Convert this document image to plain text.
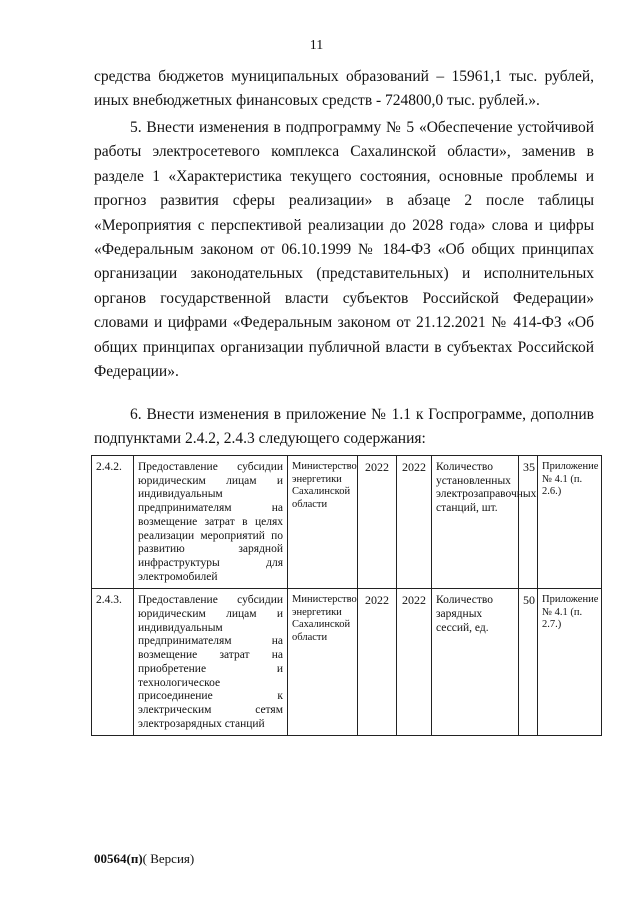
11

средства бюджетов муниципальных образований – 15961,1 тыс. рублей, иных внебюджетных финансовых средств - 724800,0 тыс. рублей.».

5. Внести изменения в подпрограмму № 5 «Обеспечение устойчивой работы электросетевого комплекса Сахалинской области», заменив в разделе 1 «Характеристика текущего состояния, основные проблемы и прогноз развития сферы реализации» в абзаце 2 после таблицы «Мероприятия с перспективой реализации до 2028 года» слова и цифры «Федеральным законом от 06.10.1999 № 184-ФЗ «Об общих принципах организации законодательных (представительных) и исполнительных органов государственной власти субъектов Российской Федерации» словами и цифрами «Федеральным законом от 21.12.2021 № 414-ФЗ «Об общих принципах организации публичной власти в субъектах Российской Федерации».

6. Внести изменения в приложение № 1.1 к Госпрограмме, дополнив подпунктами 2.4.2, 2.4.3 следующего содержания:

2.4.2.	Предоставление субсидии юридическим лицам и индивидуальным предпринимателям на возмещение затрат в целях реализации мероприятий по развитию зарядной инфраструктуры для электромобилей	Министерство энергетики Сахалинской области	2022	2022	Количество установленных электрозаправочных станций, шт.	35	Приложение № 4.1 (п. 2.6.)
2.4.3.	Предоставление субсидии юридическим лицам и индивидуальным предпринимателям на возмещение затрат на приобретение и технологическое присоединение к электрическим сетям электрозарядных станций	Министерство энергетики Сахалинской области	2022	2022	Количество зарядных сессий, ед.	50	Приложение № 4.1 (п. 2.7.)
00564(п)( Версия)
